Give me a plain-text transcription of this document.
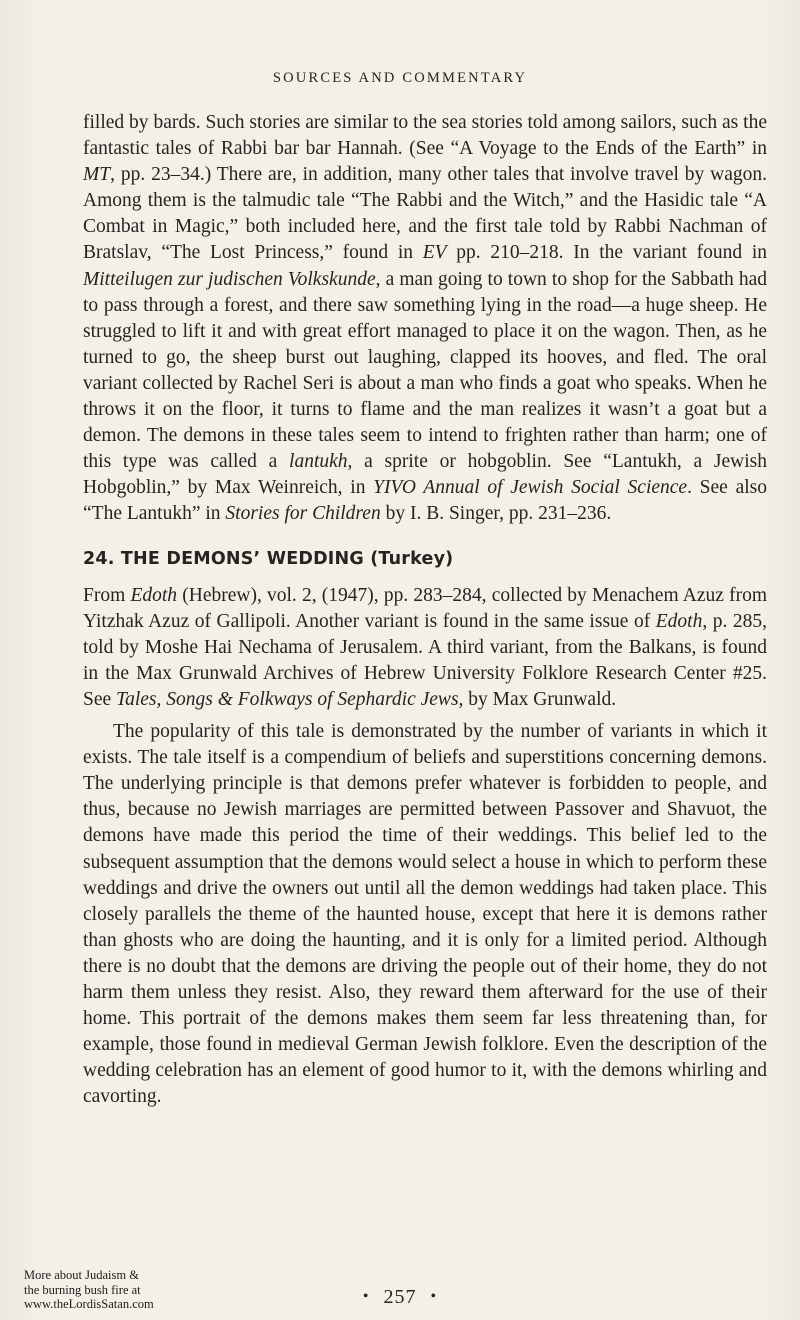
SOURCES AND COMMENTARY

filled by bards. Such stories are similar to the sea stories told among sailors, such as the fantastic tales of Rabbi bar bar Hannah. (See “A Voyage to the Ends of the Earth” in MT, pp. 23–34.) There are, in addition, many other tales that involve travel by wagon. Among them is the talmudic tale “The Rabbi and the Witch,” and the Hasidic tale “A Combat in Magic,” both included here, and the first tale told by Rabbi Nachman of Bratslav, “The Lost Princess,” found in EV pp. 210–218. In the variant found in Mitteilugen zur judischen Volkskunde, a man going to town to shop for the Sabbath had to pass through a forest, and there saw something lying in the road—a huge sheep. He struggled to lift it and with great effort managed to place it on the wagon. Then, as he turned to go, the sheep burst out laughing, clapped its hooves, and fled. The oral variant collected by Rachel Seri is about a man who finds a goat who speaks. When he throws it on the floor, it turns to flame and the man realizes it wasn’t a goat but a demon. The demons in these tales seem to intend to frighten rather than harm; one of this type was called a lantukh, a sprite or hobgoblin. See “Lantukh, a Jewish Hobgoblin,” by Max Weinreich, in YIVO Annual of Jewish Social Science. See also “The Lantukh” in Stories for Children by I. B. Singer, pp. 231–236.

24. THE DEMONS’ WEDDING (Turkey)

From Edoth (Hebrew), vol. 2, (1947), pp. 283–284, collected by Menachem Azuz from Yitzhak Azuz of Gallipoli. Another variant is found in the same issue of Edoth, p. 285, told by Moshe Hai Nechama of Jerusalem. A third variant, from the Balkans, is found in the Max Grunwald Archives of Hebrew University Folklore Research Center #25. See Tales, Songs & Folkways of Sephardic Jews, by Max Grunwald.

The popularity of this tale is demonstrated by the number of variants in which it exists. The tale itself is a compendium of beliefs and superstitions concerning demons. The underlying principle is that demons prefer whatever is forbidden to people, and thus, because no Jewish marriages are permitted between Passover and Shavuot, the demons have made this period the time of their weddings. This belief led to the subsequent assumption that the demons would select a house in which to perform these weddings and drive the owners out until all the demon weddings had taken place. This closely parallels the theme of the haunted house, except that here it is demons rather than ghosts who are doing the haunting, and it is only for a limited period. Although there is no doubt that the demons are driving the people out of their home, they do not harm them unless they resist. Also, they reward them afterward for the use of their home. This portrait of the demons makes them seem far less threatening than, for example, those found in medieval German Jewish folklore. Even the description of the wedding celebration has an element of good humor to it, with the demons whirling and cavorting.

More about Judaism &
the burning bush fire at
www.theLordisSatan.com	• 257 •
